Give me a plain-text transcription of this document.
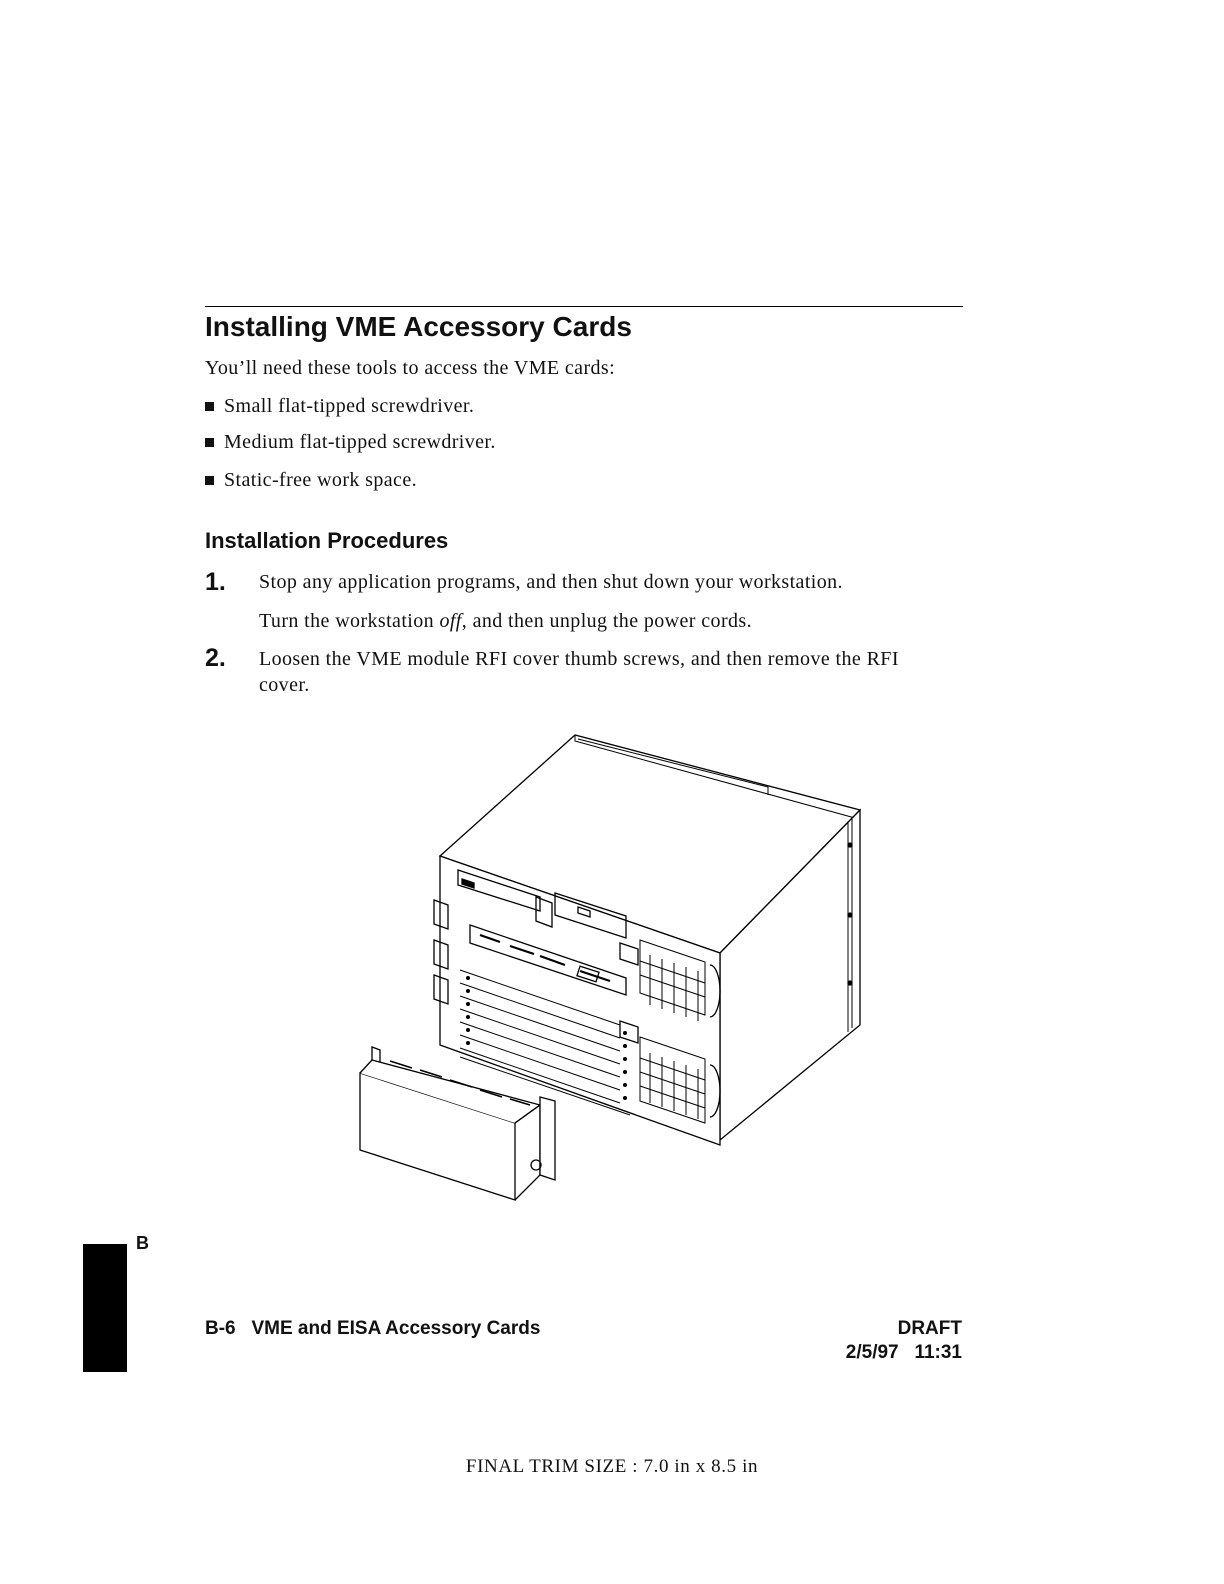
Installing VME Accessory Cards
You’ll need these tools to access the VME cards:
Small flat-tipped screwdriver.
Medium flat-tipped screwdriver.
Static-free work space.
Installation Procedures
1. Stop any application programs, and then shut down your workstation.
Turn the workstation off, and then unplug the power cords.
2. Loosen the VME module RFI cover thumb screws, and then remove the RFI cover.
B
B-6   VME and EISA Accessory Cards	DRAFT
2/5/97 11:31
FINAL TRIM SIZE : 7.0 in x 8.5 in
